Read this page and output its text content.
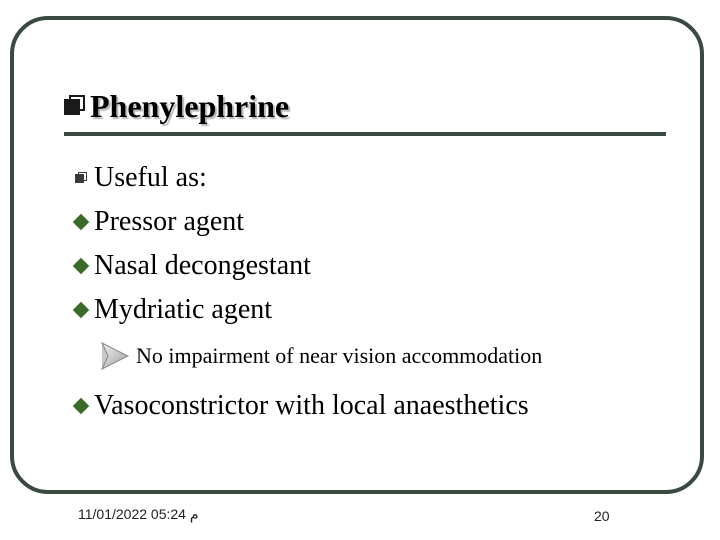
Phenylephrine
Useful as:
Pressor agent
Nasal decongestant
Mydriatic agent
No impairment of near vision accommodation
Vasoconstrictor with local anaesthetics
م 05:24 11/01/2022	20
